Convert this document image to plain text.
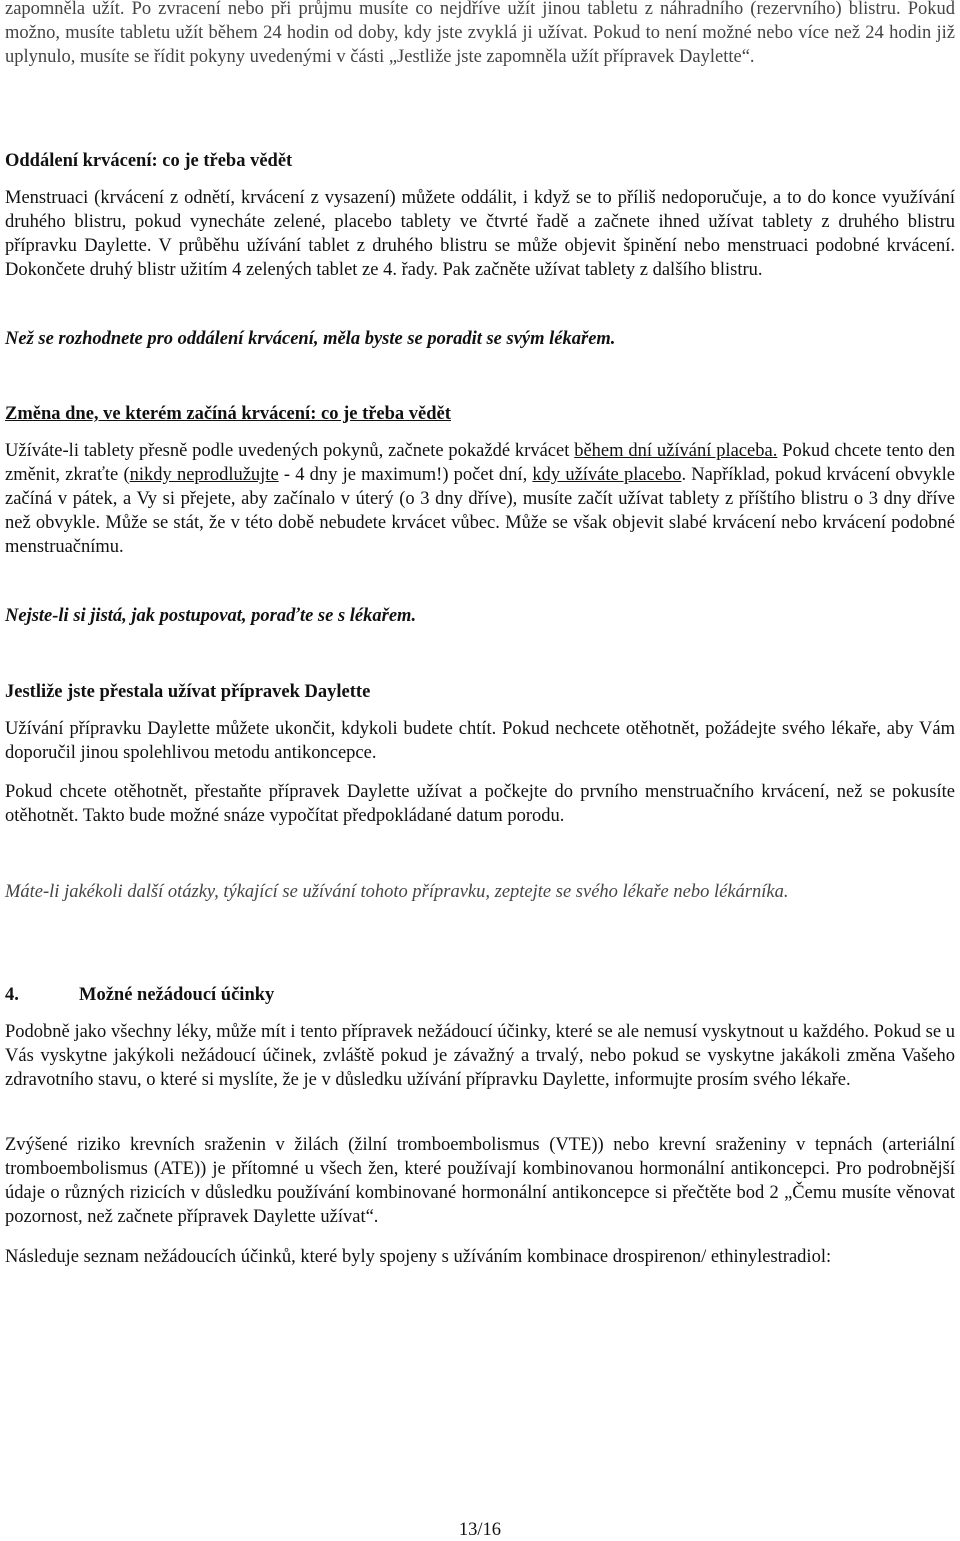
zapomněla užít. Po zvracení nebo při průjmu musíte co nejdříve užít jinou tabletu z náhradního (rezervního) blistru. Pokud možno, musíte tabletu užít během 24 hodin od doby, kdy jste zvyklá ji užívat. Pokud to není možné nebo více než 24 hodin již uplynulo, musíte se řídit pokyny uvedenými v části „Jestliže jste zapomněla užít přípravek Daylette“.

Oddálení krvácení: co je třeba vědět

Menstruaci (krvácení z odnětí, krvácení z vysazení) můžete oddálit, i když se to příliš nedoporučuje, a to do konce využívání druhého blistru, pokud vynecháte zelené, placebo tablety ve čtvrté řadě a začnete ihned užívat tablety z druhého blistru přípravku Daylette. V průběhu užívání tablet z druhého blistru se může objevit špinění nebo menstruaci podobné krvácení. Dokončete druhý blistr užitím 4 zelených tablet ze 4. řady. Pak začněte užívat tablety z dalšího blistru.

Než se rozhodnete pro oddálení krvácení, měla byste se poradit se svým lékařem.

Změna dne, ve kterém začíná krvácení: co je třeba vědět

Užíváte-li tablety přesně podle uvedených pokynů, začnete pokaždé krvácet během dní užívání placeba. Pokud chcete tento den změnit, zkraťte (nikdy neprodlužujte - 4 dny je maximum!) počet dní, kdy užíváte placebo. Například, pokud krvácení obvykle začíná v pátek, a Vy si přejete, aby začínalo v úterý (o 3 dny dříve), musíte začít užívat tablety z příštího blistru o 3 dny dříve než obvykle. Může se stát, že v této době nebudete krvácet vůbec. Může se však objevit slabé krvácení nebo krvácení podobné menstruačnímu.

Nejste-li si jistá, jak postupovat, poraďte se s lékařem.

Jestliže jste přestala užívat přípravek Daylette

Užívání přípravku Daylette můžete ukončit, kdykoli budete chtít. Pokud nechcete otěhotnět, požádejte svého lékaře, aby Vám doporučil jinou spolehlivou metodu antikoncepce.

Pokud chcete otěhotnět, přestaňte přípravek Daylette užívat a počkejte do prvního menstruačního krvácení, než se pokusíte otěhotnět. Takto bude možné snáze vypočítat předpokládané datum porodu.

Máte-li jakékoli další otázky, týkající se užívání tohoto přípravku, zeptejte se svého lékaře nebo lékárníka.

4.	Možné nežádoucí účinky

Podobně jako všechny léky, může mít i tento přípravek nežádoucí účinky, které se ale nemusí vyskytnout u každého. Pokud se u Vás vyskytne jakýkoli nežádoucí účinek, zvláště pokud je závažný a trvalý, nebo pokud se vyskytne jakákoli změna Vašeho zdravotního stavu, o které si myslíte, že je v důsledku užívání přípravku Daylette, informujte prosím svého lékaře.

Zvýšené riziko krevních sraženin v žilách (žilní tromboembolismus (VTE)) nebo krevní sraženiny v tepnách (arteriální tromboembolismus (ATE)) je přítomné u všech žen, které používají kombinovanou hormonální antikoncepci. Pro podrobnější údaje o různých rizicích v důsledku používání kombinované hormonální antikoncepce si přečtěte bod 2 „Čemu musíte věnovat pozornost, než začnete přípravek Daylette užívat“.

Následuje seznam nežádoucích účinků, které byly spojeny s užíváním kombinace drospirenon/ ethinylestradiol:

13/16
